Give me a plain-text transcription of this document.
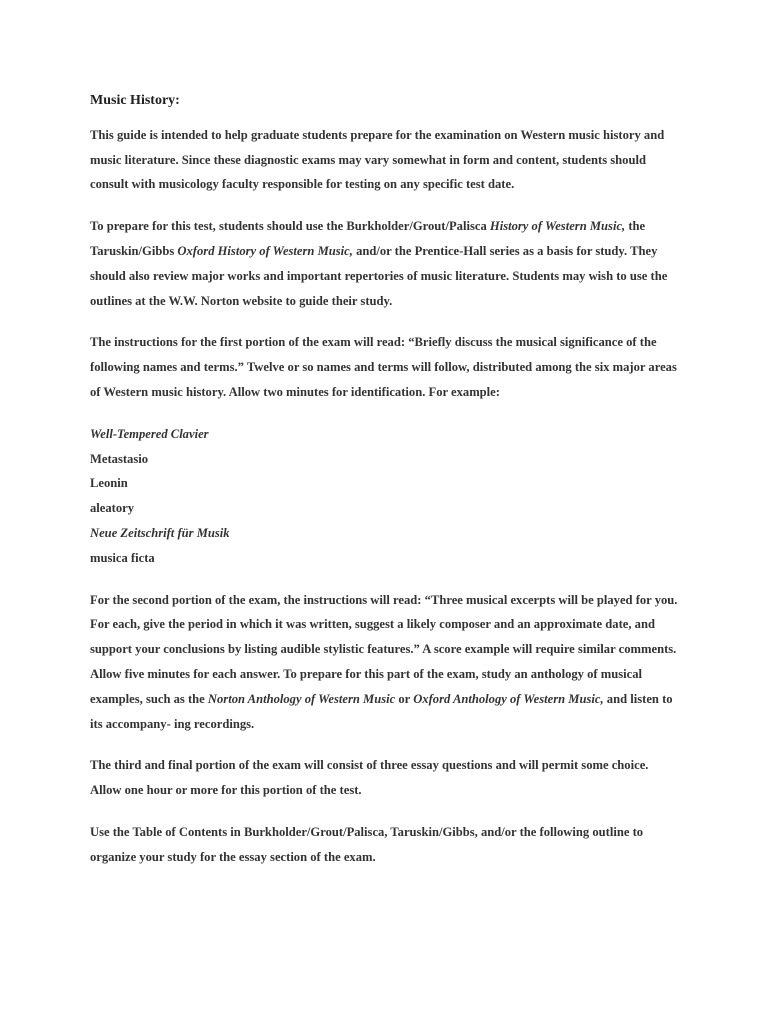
Music History:

This guide is intended to help graduate students prepare for the examination on Western music history and music literature. Since these diagnostic exams may vary somewhat in form and content, students should consult with musicology faculty responsible for testing on any specific test date.

To prepare for this test, students should use the Burkholder/Grout/Palisca History of Western Music, the Taruskin/Gibbs Oxford History of Western Music, and/or the Prentice-Hall series as a basis for study. They should also review major works and important repertories of music literature. Students may wish to use the outlines at the W.W. Norton website to guide their study.

The instructions for the first portion of the exam will read: “Briefly discuss the musical significance of the following names and terms.” Twelve or so names and terms will follow, distributed among the six major areas of Western music history. Allow two minutes for identification. For example:

Well-Tempered Clavier
Metastasio
Leonin
aleatory
Neue Zeitschrift für Musik
musica ficta

For the second portion of the exam, the instructions will read: “Three musical excerpts will be played for you. For each, give the period in which it was written, suggest a likely composer and an approximate date, and support your conclusions by listing audible stylistic features.” A score example will require similar comments. Allow five minutes for each answer. To prepare for this part of the exam, study an anthology of musical examples, such as the Norton Anthology of Western Music or Oxford Anthology of Western Music, and listen to its accompany- ing recordings.

The third and final portion of the exam will consist of three essay questions and will permit some choice. Allow one hour or more for this portion of the test.

Use the Table of Contents in Burkholder/Grout/Palisca, Taruskin/Gibbs, and/or the following outline to organize your study for the essay section of the exam.
